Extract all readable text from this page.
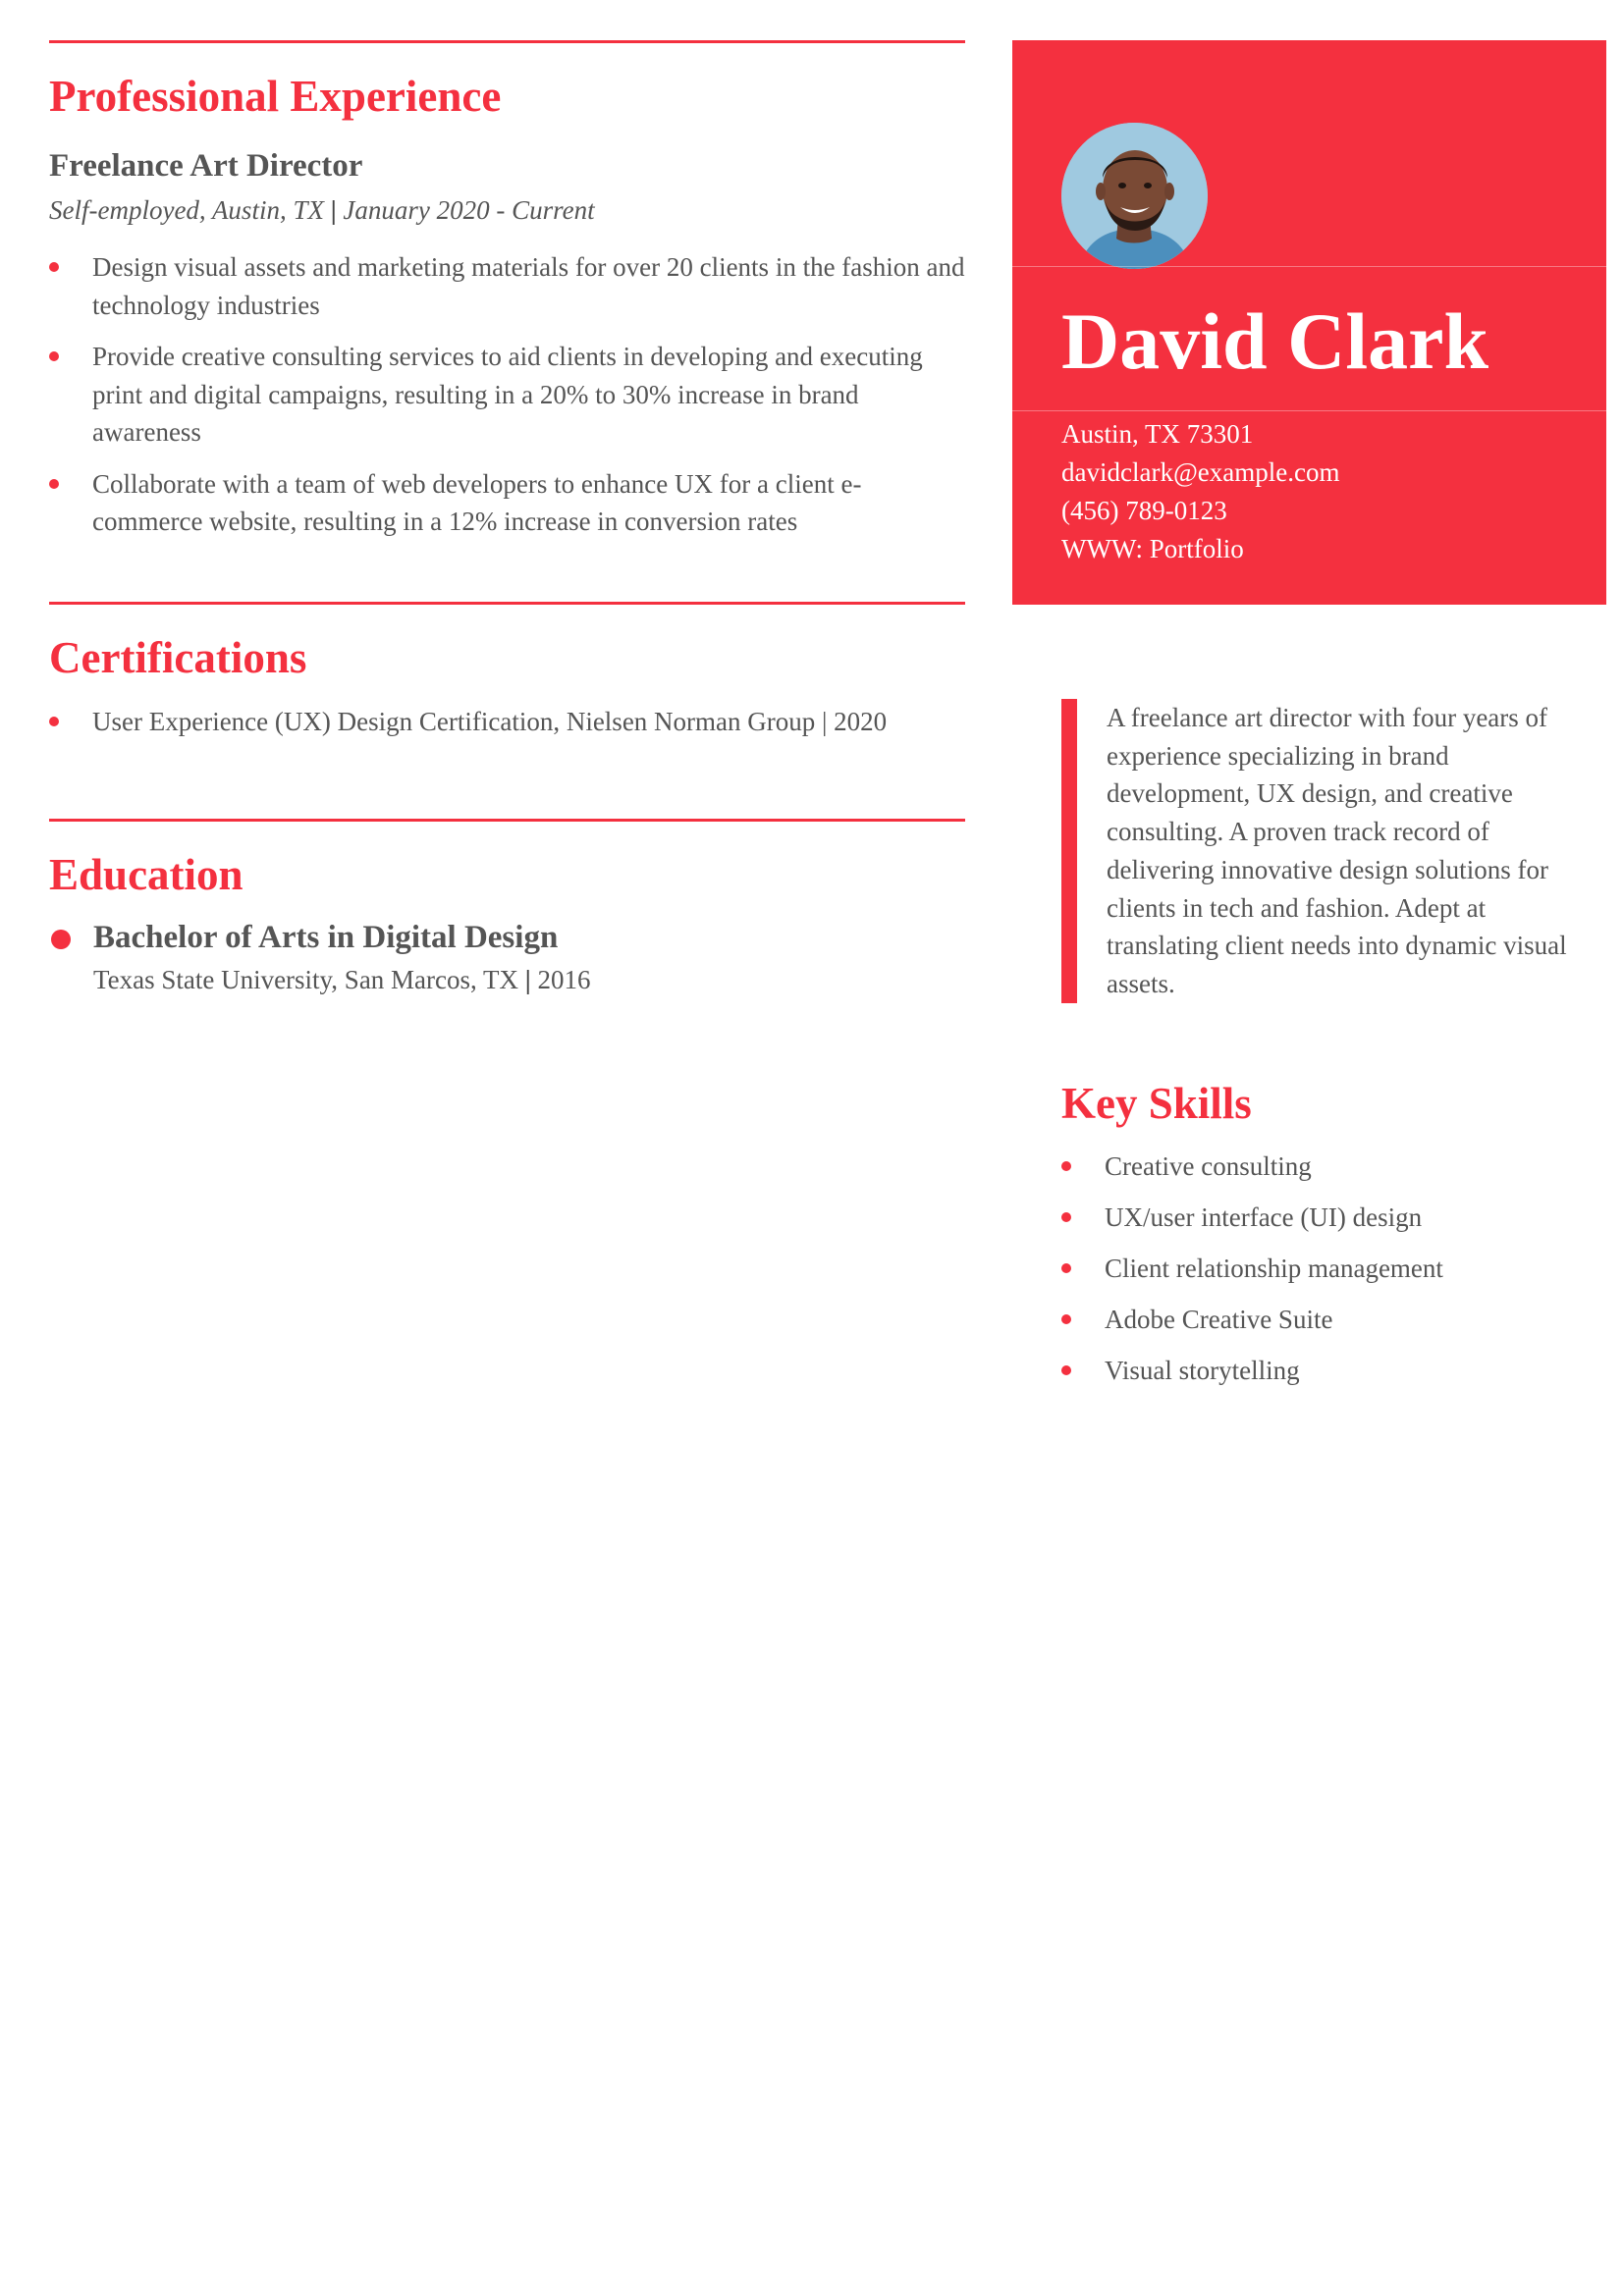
Professional Experience
Freelance Art Director
Self-employed, Austin, TX | January 2020 - Current
Design visual assets and marketing materials for over 20 clients in the fashion and technology industries
Provide creative consulting services to aid clients in developing and executing print and digital campaigns, resulting in a 20% to 30% increase in brand awareness
Collaborate with a team of web developers to enhance UX for a client e-commerce website, resulting in a 12% increase in conversion rates
Certifications
User Experience (UX) Design Certification, Nielsen Norman Group | 2020
Education
Bachelor of Arts in Digital Design
Texas State University, San Marcos, TX | 2016
David Clark
Austin, TX 73301
davidclark@example.com
(456) 789-0123
WWW: Portfolio
A freelance art director with four years of experience specializing in brand development, UX design, and creative consulting. A proven track record of delivering innovative design solutions for clients in tech and fashion. Adept at translating client needs into dynamic visual assets.
Key Skills
Creative consulting
UX/user interface (UI) design
Client relationship management
Adobe Creative Suite
Visual storytelling
